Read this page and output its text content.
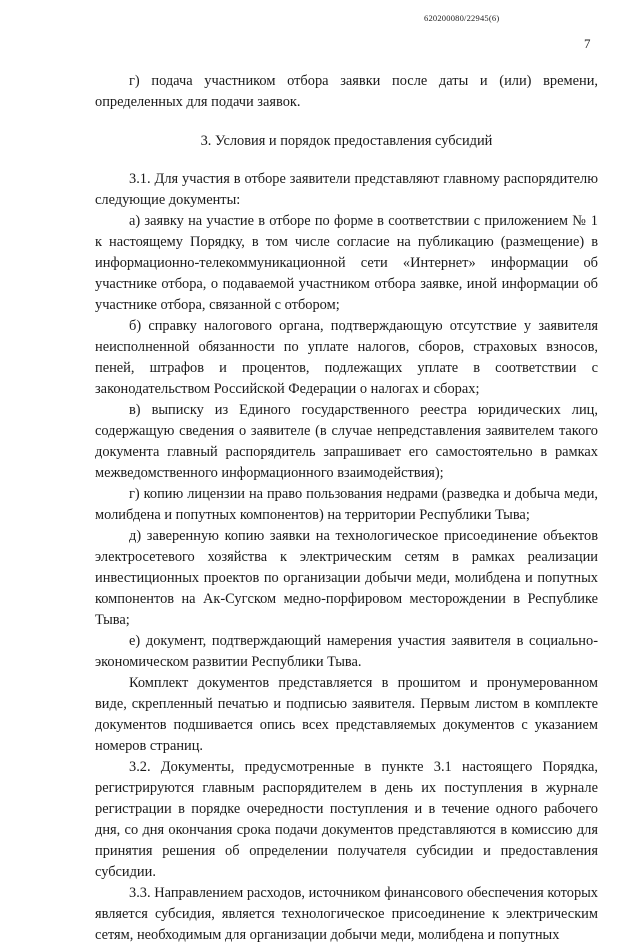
620200080/22945(6)
7

г) подача участником отбора заявки после даты и (или) времени, определенных для подачи заявок.

3. Условия и порядок предоставления субсидий

3.1. Для участия в отборе заявители представляют главному распорядителю следующие документы:

а) заявку на участие в отборе по форме в соответствии с приложением № 1 к настоящему Порядку, в том числе согласие на публикацию (размещение) в информационно-телекоммуникационной сети «Интернет» информации об участнике отбора, о подаваемой участником отбора заявке, иной информации об участнике отбора, связанной с отбором;

б) справку налогового органа, подтверждающую отсутствие у заявителя неисполненной обязанности по уплате налогов, сборов, страховых взносов, пеней, штрафов и процентов, подлежащих уплате в соответствии с законодательством Российской Федерации о налогах и сборах;

в) выписку из Единого государственного реестра юридических лиц, содержащую сведения о заявителе (в случае непредставления заявителем такого документа главный распорядитель запрашивает его самостоятельно в рамках межведомственного информационного взаимодействия);

г) копию лицензии на право пользования недрами (разведка и добыча меди, молибдена и попутных компонентов) на территории Республики Тыва;

д) заверенную копию заявки на технологическое присоединение объектов электросетевого хозяйства к электрическим сетям в рамках реализации инвестиционных проектов по организации добычи меди, молибдена и попутных компонентов на Ак-Сугском медно-порфировом месторождении в Республике Тыва;

е) документ, подтверждающий намерения участия заявителя в социально-экономическом развитии Республики Тыва.

Комплект документов представляется в прошитом и пронумерованном виде, скрепленный печатью и подписью заявителя. Первым листом в комплекте документов подшивается опись всех представляемых документов с указанием номеров страниц.

3.2. Документы, предусмотренные в пункте 3.1 настоящего Порядка, регистрируются главным распорядителем в день их поступления в журнале регистрации в порядке очередности поступления и в течение одного рабочего дня, со дня окончания срока подачи документов представляются в комиссию для принятия решения об определении получателя субсидии и предоставления субсидии.

3.3. Направлением расходов, источником финансового обеспечения которых является субсидия, является технологическое присоединение к электрическим сетям, необходимым для организации добычи меди, молибдена и попутных
